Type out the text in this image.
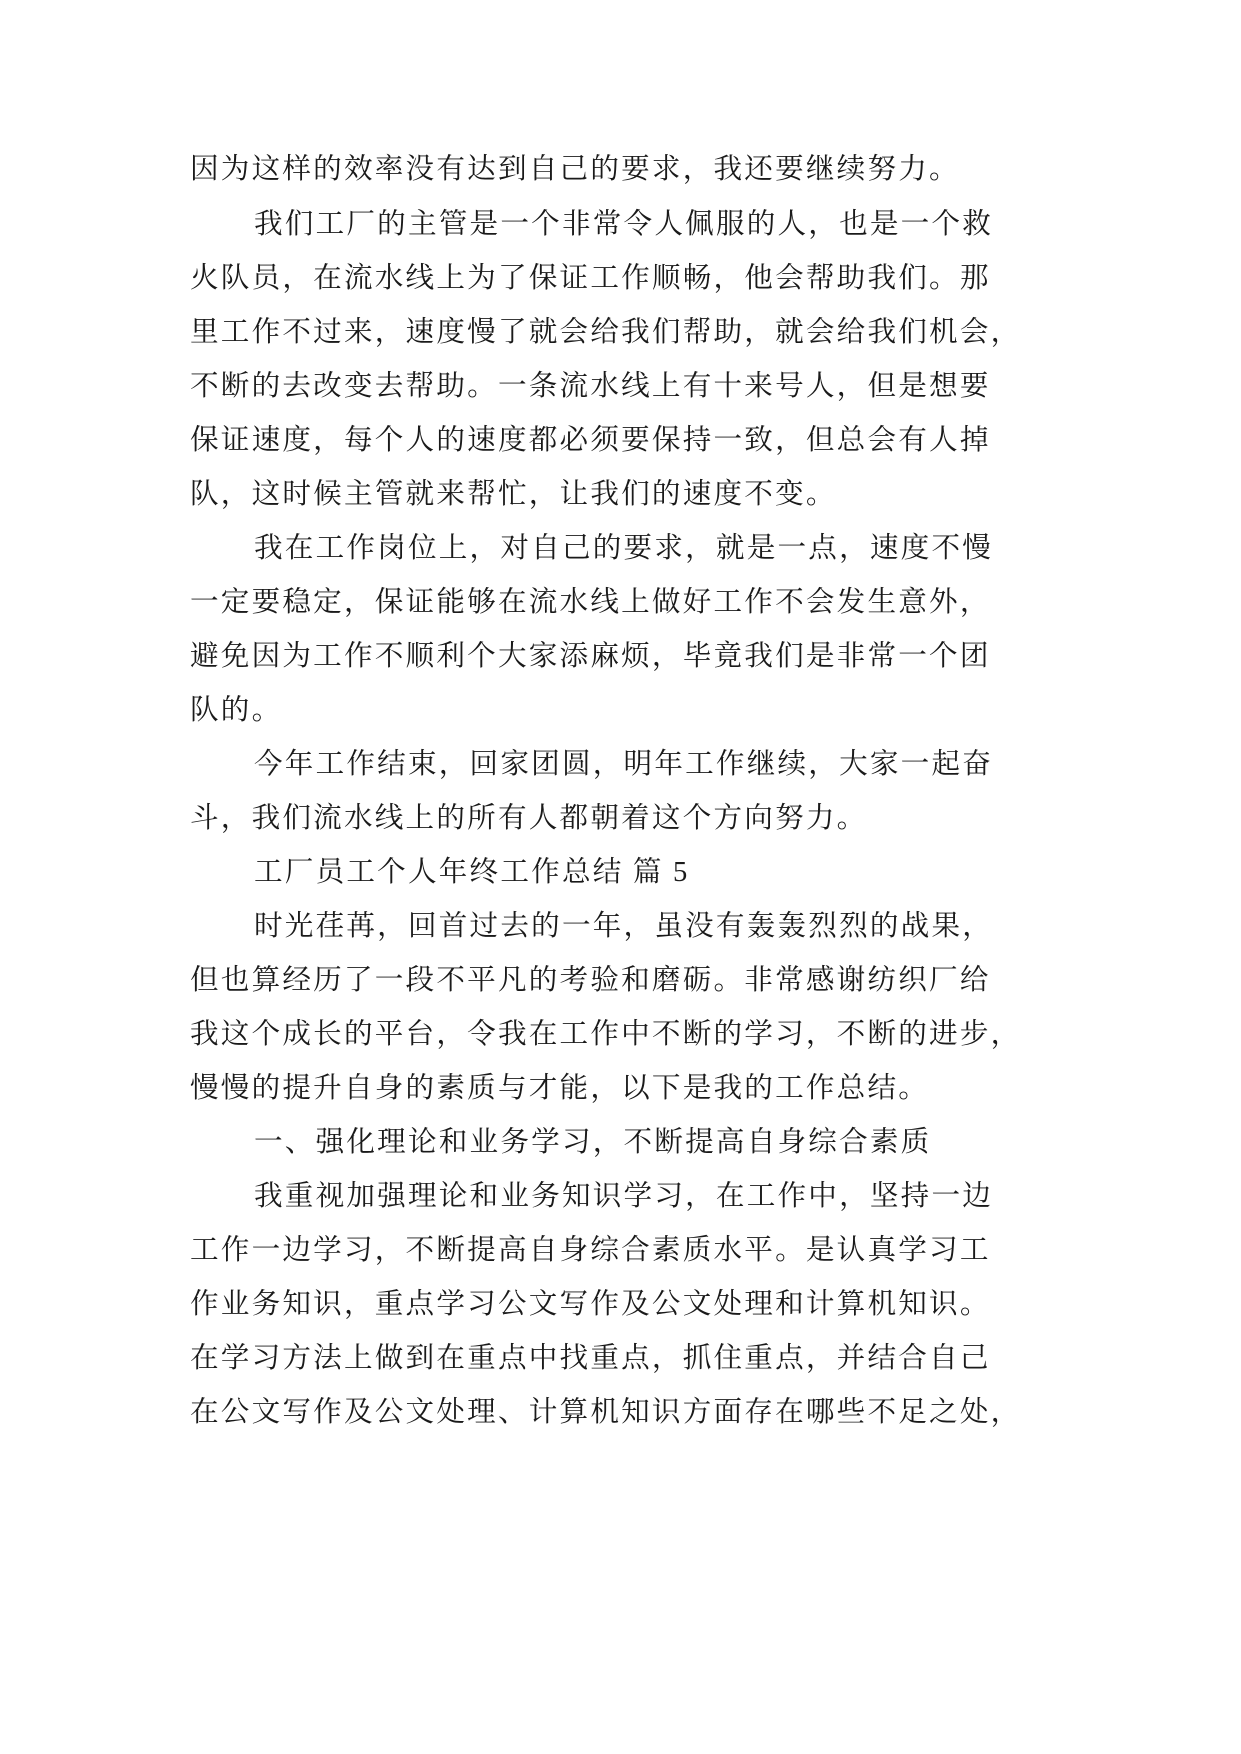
因为这样的效率没有达到自己的要求，我还要继续努力。
我们工厂的主管是一个非常令人佩服的人，也是一个救
火队员，在流水线上为了保证工作顺畅，他会帮助我们。那
里工作不过来，速度慢了就会给我们帮助，就会给我们机会，
不断的去改变去帮助。一条流水线上有十来号人，但是想要
保证速度，每个人的速度都必须要保持一致，但总会有人掉
队，这时候主管就来帮忙，让我们的速度不变。
我在工作岗位上，对自己的要求，就是一点，速度不慢
一定要稳定，保证能够在流水线上做好工作不会发生意外，
避免因为工作不顺利个大家添麻烦，毕竟我们是非常一个团
队的。
今年工作结束，回家团圆，明年工作继续，大家一起奋
斗，我们流水线上的所有人都朝着这个方向努力。
工厂员工个人年终工作总结 篇 5
时光荏苒，回首过去的一年，虽没有轰轰烈烈的战果，
但也算经历了一段不平凡的考验和磨砺。非常感谢纺织厂给
我这个成长的平台，令我在工作中不断的学习，不断的进步，
慢慢的提升自身的素质与才能，以下是我的工作总结。
一、强化理论和业务学习，不断提高自身综合素质
我重视加强理论和业务知识学习，在工作中，坚持一边
工作一边学习，不断提高自身综合素质水平。是认真学习工
作业务知识，重点学习公文写作及公文处理和计算机知识。
在学习方法上做到在重点中找重点，抓住重点，并结合自己
在公文写作及公文处理、计算机知识方面存在哪些不足之处，
